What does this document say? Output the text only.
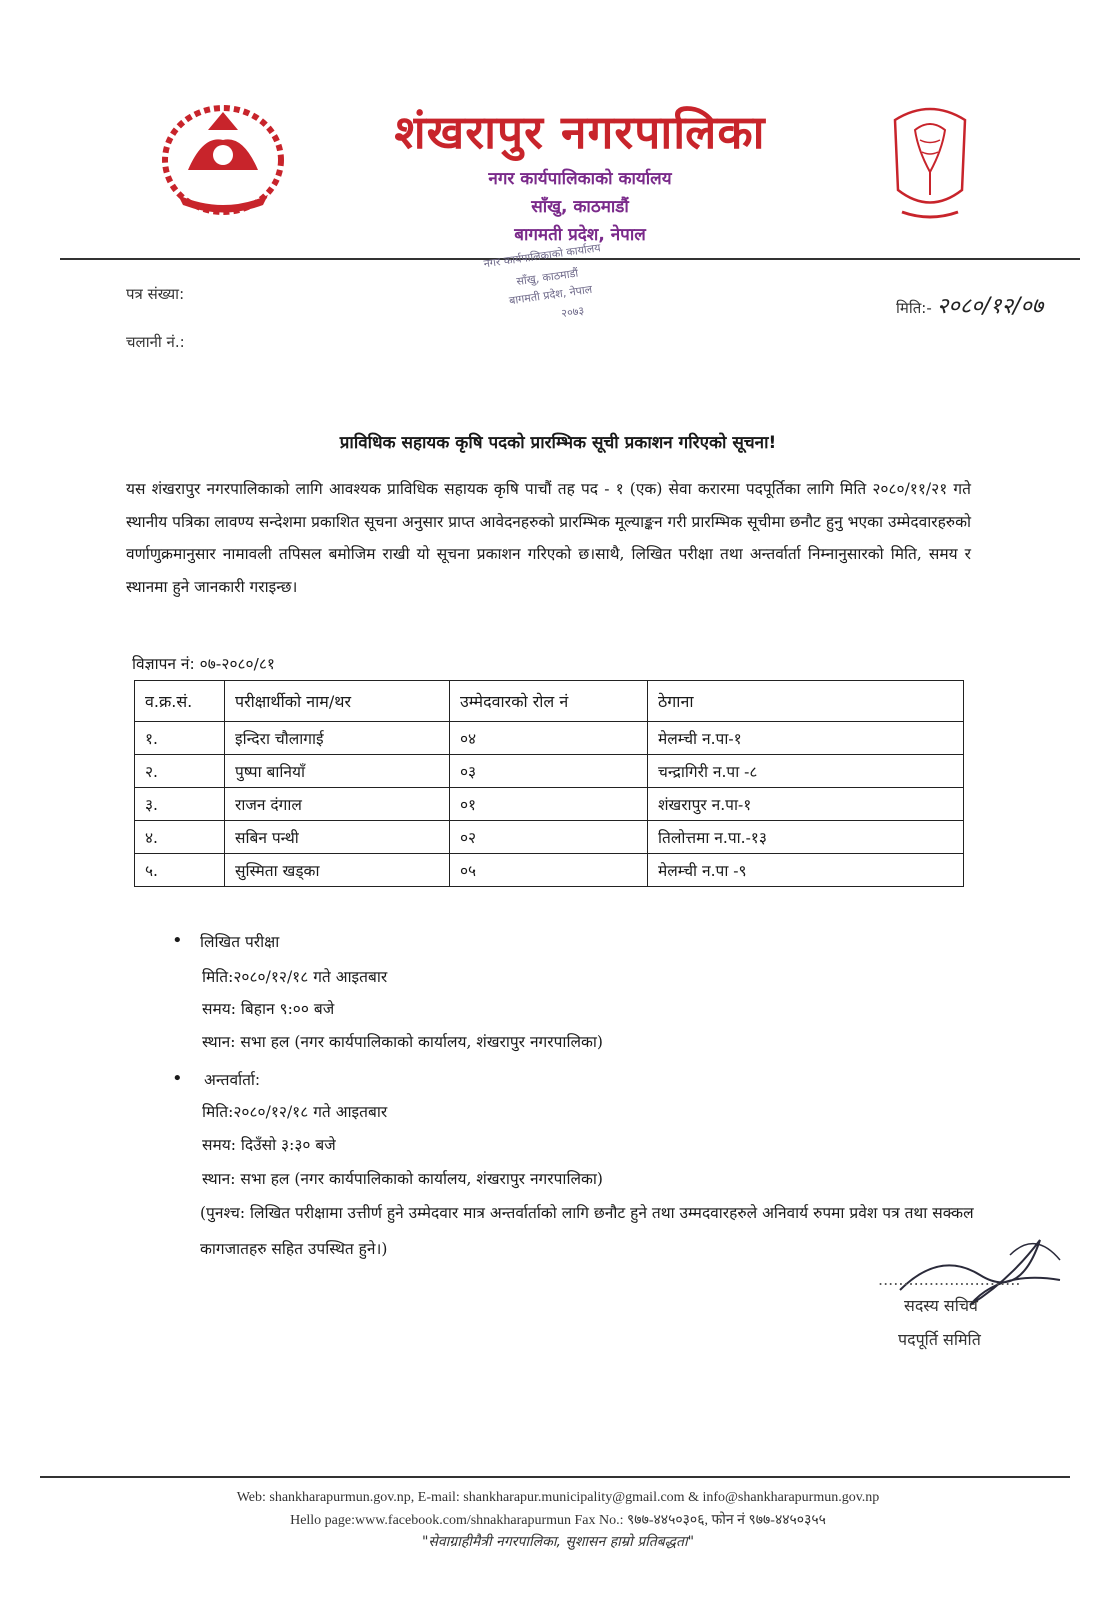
शंखरापुर नगरपालिका
नगर कार्यपालिकाको कार्यालय
साँखु, काठमाडौं
बागमती प्रदेश, नेपाल
नगर कार्यपालिकाको कार्यालय
साँखु, काठमाडौं
बागमती प्रदेश, नेपाल
२०७३
पत्र संख्या:
चलानी नं.:
मिति:- २०८०/१२/०७
प्राविधिक सहायक कृषि पदको प्रारम्भिक सूची प्रकाशन गरिएको सूचना!
यस शंखरापुर नगरपालिकाको लागि आवश्यक प्राविधिक सहायक कृषि पाचौं तह पद - १ (एक) सेवा करारमा पदपूर्तिका लागि मिति २०८०/११/२१ गते स्थानीय पत्रिका लावण्य सन्देशमा प्रकाशित सूचना अनुसार प्राप्त आवेदनहरुको प्रारम्भिक मूल्याङ्कन गरी प्रारम्भिक सूचीमा छनौट हुनु भएका उम्मेदवारहरुको वर्णाणुक्रमानुसार नामावली तपिसल बमोजिम राखी यो सूचना प्रकाशन गरिएको छ।साथै, लिखित परीक्षा तथा अन्तर्वार्ता निम्नानुसारको मिति, समय र स्थानमा हुने जानकारी गराइन्छ।
विज्ञापन नं: ०७-२०८०/८१
व.क्र.सं.	परीक्षार्थीको नाम/थर	उम्मेदवारको रोल नं	ठेगाना
१.	इन्दिरा चौलागाई	०४	मेलम्ची न.पा-१
२.	पुष्पा बानियाँ	०३	चन्द्रागिरी न.पा -८
३.	राजन दंगाल	०१	शंखरापुर न.पा-१
४.	सबिन पन्थी	०२	तिलोत्तमा न.पा.-१३
५.	सुस्मिता खड्का	०५	मेलम्ची न.पा -९
• लिखित परीक्षा
मिति:२०८०/१२/१८ गते आइतबार
समय: बिहान ९:०० बजे
स्थान: सभा हल (नगर कार्यपालिकाको कार्यालय, शंखरापुर नगरपालिका)
• अन्तर्वार्ता:
मिति:२०८०/१२/१८ गते आइतबार
समय: दिउँसो ३:३० बजे
स्थान: सभा हल (नगर कार्यपालिकाको कार्यालय, शंखरापुर नगरपालिका)
(पुनश्च: लिखित परीक्षामा उत्तीर्ण हुने उम्मेदवार मात्र अन्तर्वार्ताको लागि छनौट हुने तथा उम्मदवारहरुले अनिवार्य रुपमा प्रवेश पत्र तथा सक्कल कागजातहरु सहित उपस्थित हुने।)
............................
सदस्य सचिव
पदपूर्ति समिति
Web: shankharapurmun.gov.np, E-mail: shankharapur.municipality@gmail.com & info@shankharapurmun.gov.np
Hello page:www.facebook.com/shnakharapurmun Fax No.: ९७७-४४५०३०६, फोन नं ९७७-४४५०३५५
"सेवाग्राहीमैत्री नगरपालिका, सुशासन हाम्रो प्रतिबद्धता"
